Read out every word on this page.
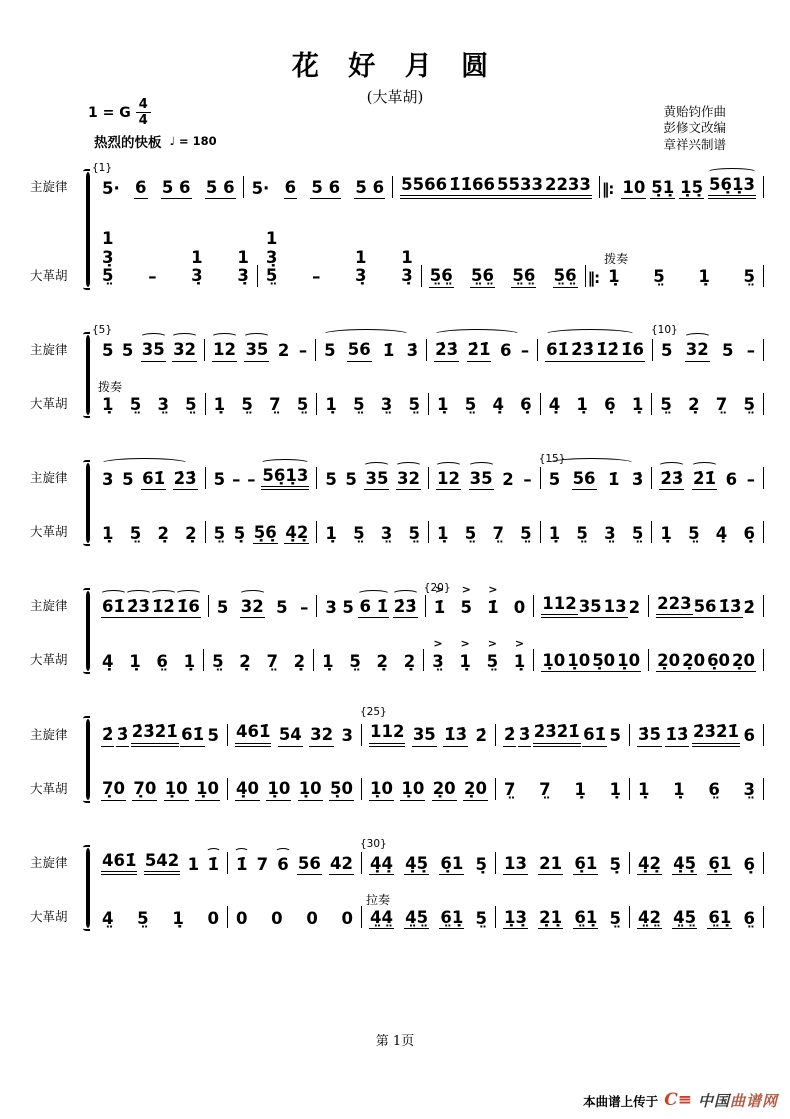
花 好 月 圆
(大革胡)
1 = G $\frac{4}{4}$
热烈的快板 ♩ = 180
黄贻钧作曲
彭修文改编
章祥兴制谱
主旋律
{1}
5· 6 5 6 5 6 5· 6 5 6 5 6 5566 1̇1̇66 5533 2233 ‖: 10 5̣1̣ 1̣5̣ 56̣1̣3
大革胡
1
3̣
5̤ –
1
3̣
1
3̣
1
3̣
5̤ –
1
3̣
1
3̣ 5̤6̤ 5̤6̤ 5̤6̤ 5̤6̤ ‖:
拨奏
1̣ 5̤ 1̣ 5̤
主旋律
{5}
5 5 35 32 12 35 2 – 5 56 1̇ 3̇ 2̇3̇ 2̇1̇ 6 – 61̇ 2̇3̇ 1̇2̇ 1̇6
{10}
5 32 5 –
大革胡
拨奏
1̣ 5̤ 3̤ 5̤ 1̣ 5̤ 7̤ 5̤ 1̣ 5̤ 3̤ 5̤ 1̣ 5̤ 4̣ 6̣ 4̣ 1̣ 6̣ 1̣ 5̤ 2̣ 7̤ 5̤
主旋律	3 5 61̇ 2̇3̇ 5 – – 56̣1̣3 5 5 35 32 12 35 2 –
{15}
5 56 1̇ 3̇ 2̇3̇ 2̇1̇ 6 –
大革胡	1̣ 5̤ 2̣ 2̣ 5̤ 5̣ 5̣6̣ 4̣2̣ 1̣ 5̤ 3̤ 5̤ 1̣ 5̤ 7̤ 5̤ 1̣ 5̤ 3̤ 5̤ 1̣ 5̤ 4̣ 6̣
主旋律	61̇ 2̇3̇ 1̇2̇ 1̇6 5 32 5 – 3 5 6 1̇ 2̇3̇
{20}
1̇ > 5 > 1̇ > 0 112 35 13 2 223 56 1̇3̇ 2̇
大革胡	4̣ 1̣ 6̤ 1̣ 5̤ 2̣ 7̤ 2̣ 1̣ 5̤ 2̣ 2̣ 3̤ > 1̣ > 5̤ > 1̣ > 1̣0 1̣0 5̣0 1̣0 2̣0 2̣0 6̣0 2̣0
主旋律	2̇ 3̇ 2̇3̇2̇1̇ 61̇ 5 461̇ 54 32 3
{25}
112 35 1̇3̇ 2̇ 2̇ 3̇ 2̇3̇2̇1̇ 61̇ 5 3̇5̇ 1̇3̇ 2̇3̇2̇1̇ 6
大革胡	7̣0 7̣0 1̣0 1̣0 4̣0 1̣0 1̣0 5̣0 1̣0 1̣0 2̣0 2̣0 7̤ 7̤ 1̣ 1̣ 1̣ 1̣ 6̤ 3̤
主旋律	461̇ 542 1 1̇ 1̇ 7 6 56 42
{30}
4̣4̣ 4̣5̣ 6̣1 5̣ 13 21 6̣1 5̣ 4̣2̣ 4̣5̣ 6̣1 6̣
大革胡	4̤ 5̤ 1̣ 0 0 0 0 0
拉奏
4̤4̤ 4̤5̤ 6̤1̣ 5̤ 1̣3̣ 2̣1̣ 6̤1̣ 5̤ 4̤2̤ 4̤5̤ 6̤1̣ 6̤
第 1页
本曲谱上传于 C≡ 中国曲谱网
